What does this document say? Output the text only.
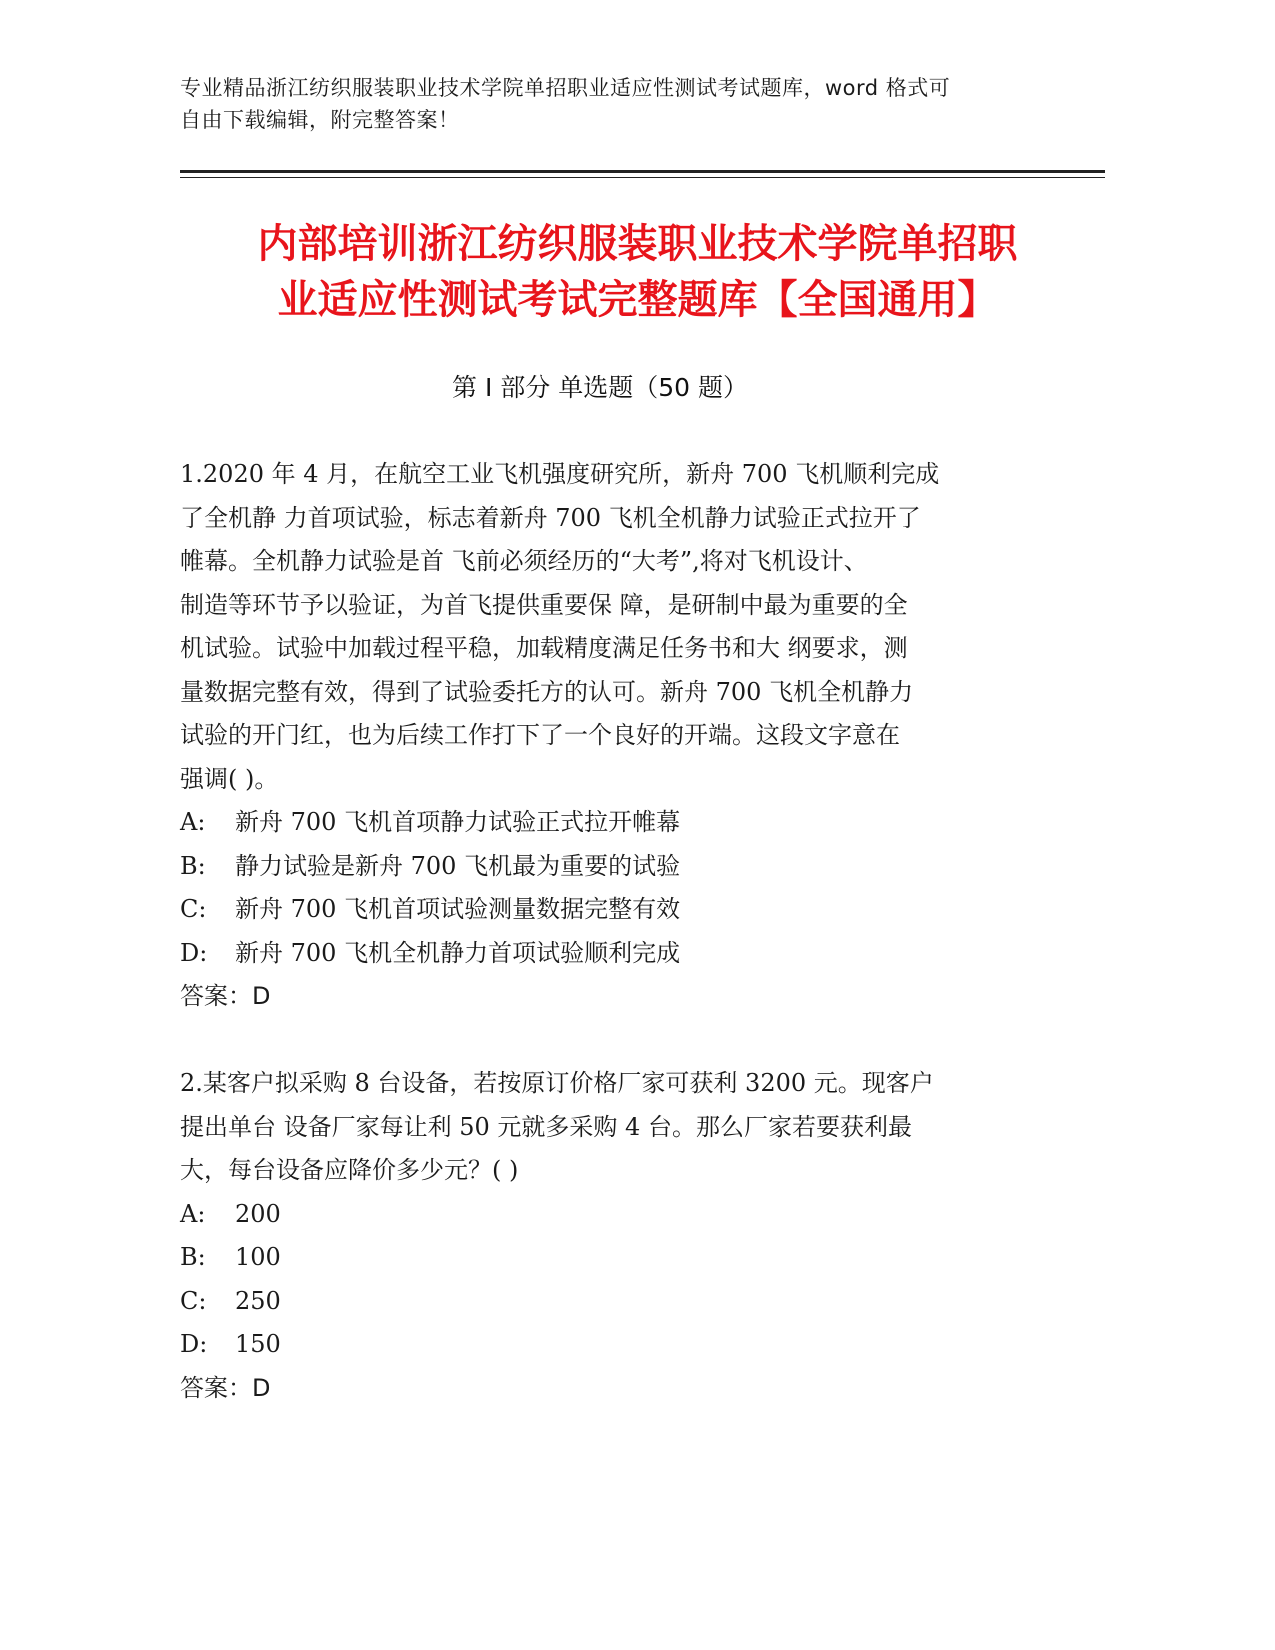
专业精品浙江纺织服装职业技术学院单招职业适应性测试考试题库，word 格式可
自由下载编辑，附完整答案！
内部培训浙江纺织服装职业技术学院单招职
业适应性测试考试完整题库【全国通用】
第 I 部分 单选题（50 题）
1.2020 年 4 月，在航空工业飞机强度研究所，新舟 700 飞机顺利完成
了全机静 力首项试验，标志着新舟 700 飞机全机静力试验正式拉开了
帷幕。全机静力试验是首 飞前必须经历的“大考”,将对飞机设计、
制造等环节予以验证，为首飞提供重要保 障，是研制中最为重要的全
机试验。试验中加载过程平稳，加载精度满足任务书和大 纲要求，测
量数据完整有效，得到了试验委托方的认可。新舟 700 飞机全机静力
试验的开门红，也为后续工作打下了一个良好的开端。这段文字意在
强调( )。
A:	新舟 700 飞机首项静力试验正式拉开帷幕
B:	静力试验是新舟 700 飞机最为重要的试验
C:	新舟 700 飞机首项试验测量数据完整有效
D:	新舟 700 飞机全机静力首项试验顺利完成
答案：D
2.某客户拟采购 8 台设备，若按原订价格厂家可获利 3200 元。现客户
提出单台 设备厂家每让利 50 元就多采购 4 台。那么厂家若要获利最
大，每台设备应降价多少元？( )
A:	200
B:	100
C:	250
D:	150
答案：D
